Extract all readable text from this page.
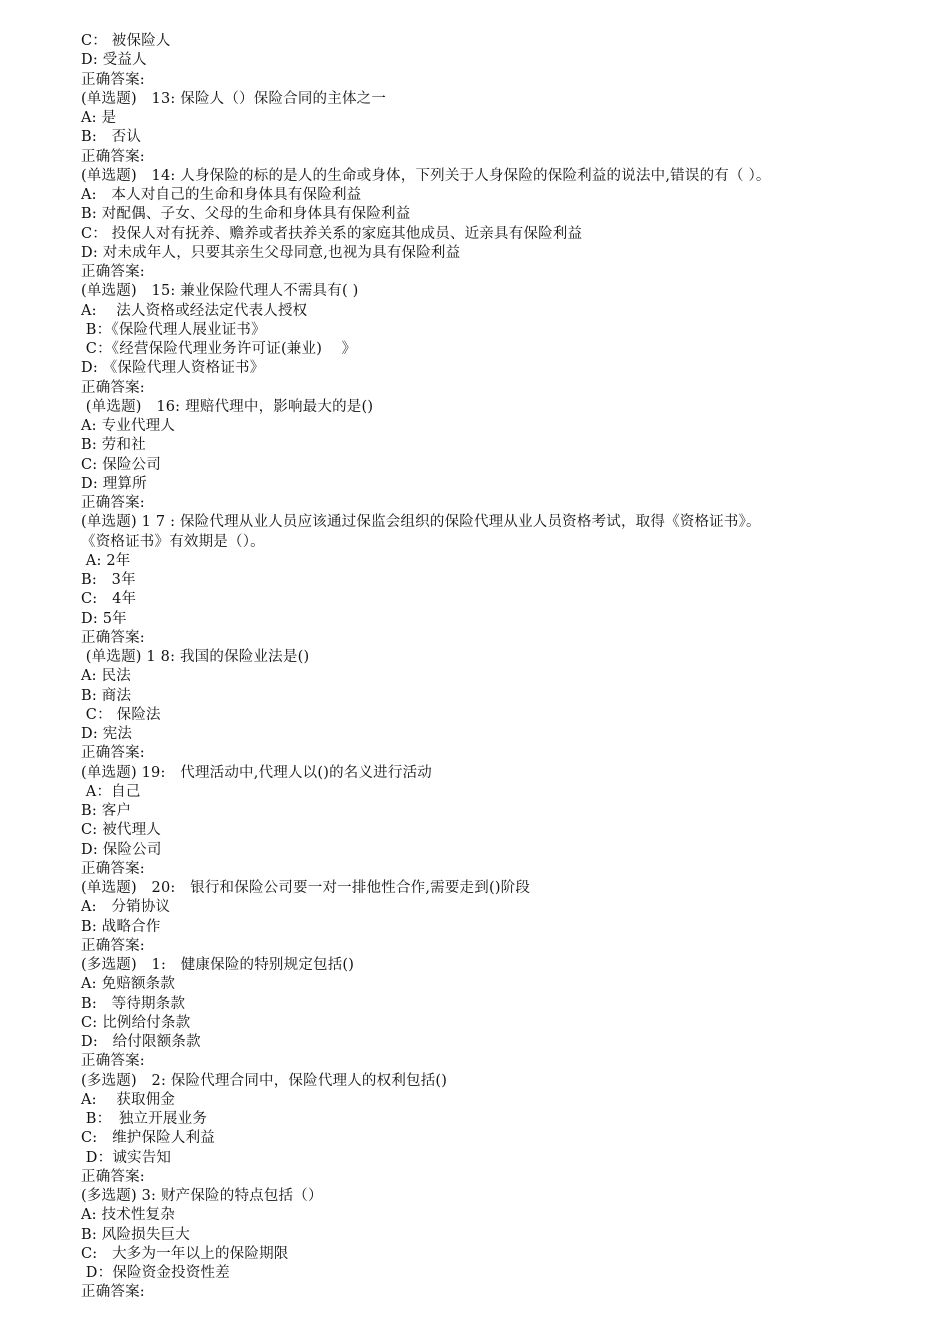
C： 被保险人
D: 受益人
正确答案:
(单选题)　13: 保险人（）保险合同的主体之一
A: 是
B:　否认
正确答案:
(单选题)　14: 人身保险的标的是人的生命或身体，下列关于人身保险的保险利益的说法中,错误的有（ ）。
A:　本人对自己的生命和身体具有保险利益
B: 对配偶、子女、父母的生命和身体具有保险利益
C： 投保人对有抚养、赡养或者扶养关系的家庭其他成员、近亲具有保险利益
D: 对未成年人，只要其亲生父母同意,也视为具有保险利益
正确答案:
(单选题)　15: 兼业保险代理人不需具有( )
A:　 法人资格或经法定代表人授权
B：《保险代理人展业证书》
C：《经营保险代理业务许可证(兼业)　 》
D: 《保险代理人资格证书》
正确答案:
(单选题)　16: 理赔代理中，影响最大的是()
A: 专业代理人
B: 劳和社
C: 保险公司
D: 理算所
正确答案:
(单选题) 1 7 : 保险代理从业人员应该通过保监会组织的保险代理从业人员资格考试，取得《资格证书》。
《资格证书》有效期是（）。
A: 2年
B:　3年
C:　4年
D: 5年
正确答案:
(单选题) 1 8: 我国的保险业法是()
A: 民法
B: 商法
C： 保险法
D: 宪法
正确答案:
(单选题) 19:　代理活动中,代理人以()的名义进行活动
A：自己
B: 客户
C: 被代理人
D: 保险公司
正确答案:
(单选题)　20:　银行和保险公司要一对一排他性合作,需要走到()阶段
A:　分销协议
B: 战略合作
正确答案:
(多选题)　1:　健康保险的特别规定包括()
A: 免赔额条款
B:　等待期条款
C: 比例给付条款
D:　给付限额条款
正确答案:
(多选题)　2: 保险代理合同中，保险代理人的权利包括()
A:　 获取佣金
B：　独立开展业务
C:　维护保险人利益
D：诚实告知
正确答案:
(多选题) 3: 财产保险的特点包括（）
A: 技术性复杂
B: 风险损失巨大
C:　大多为一年以上的保险期限
D：保险资金投资性差
正确答案:
